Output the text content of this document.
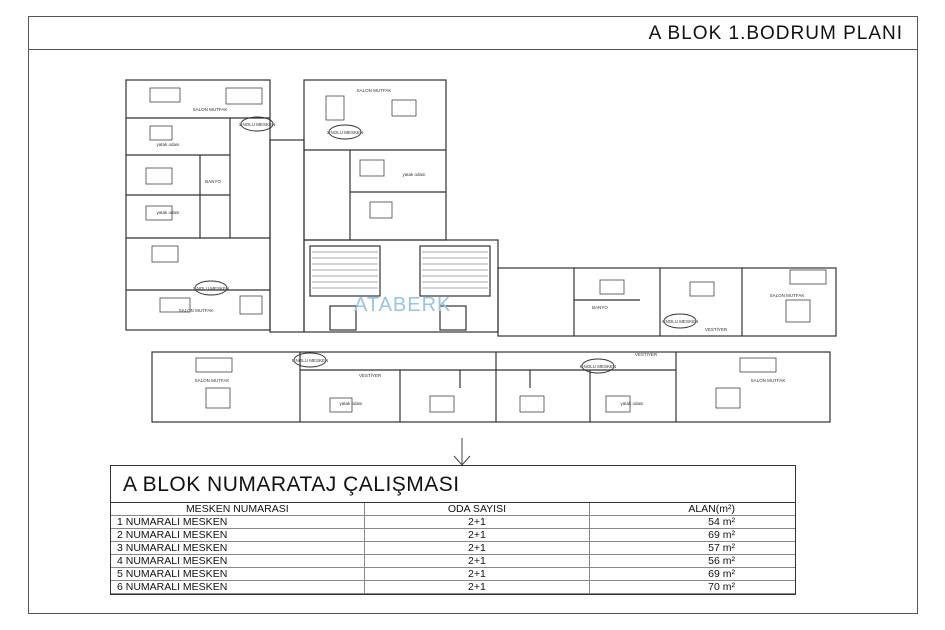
A BLOK 1.BODRUM PLANI
SALON MUTFAK
1 NOLU MESKEN
yatak odası
BANYO
yatak odası
2 NOLU MESKEN
SALON MUTFAK
SALON MUTFAK
3 NOLU MESKEN
yatak odası
BANYO
4 NOLU MESKEN
VESTİYER
SALON MUTFAK
5 NOLU MESKEN
SALON MUTFAK
VESTİYER
yatak odası
6 NOLU MESKEN
VESTİYER
yatak odası
SALON MUTFAK
ATABERK
A BLOK NUMARATAJ ÇALIŞMASI
MESKEN NUMARASI	ODA SAYISI	ALAN(m²)
1 NUMARALI MESKEN	2+1	54 m²
2 NUMARALI MESKEN	2+1	69 m²
3 NUMARALI MESKEN	2+1	57 m²
4 NUMARALI MESKEN	2+1	56 m²
5 NUMARALI MESKEN	2+1	69 m²
6 NUMARALI MESKEN	2+1	70 m²
